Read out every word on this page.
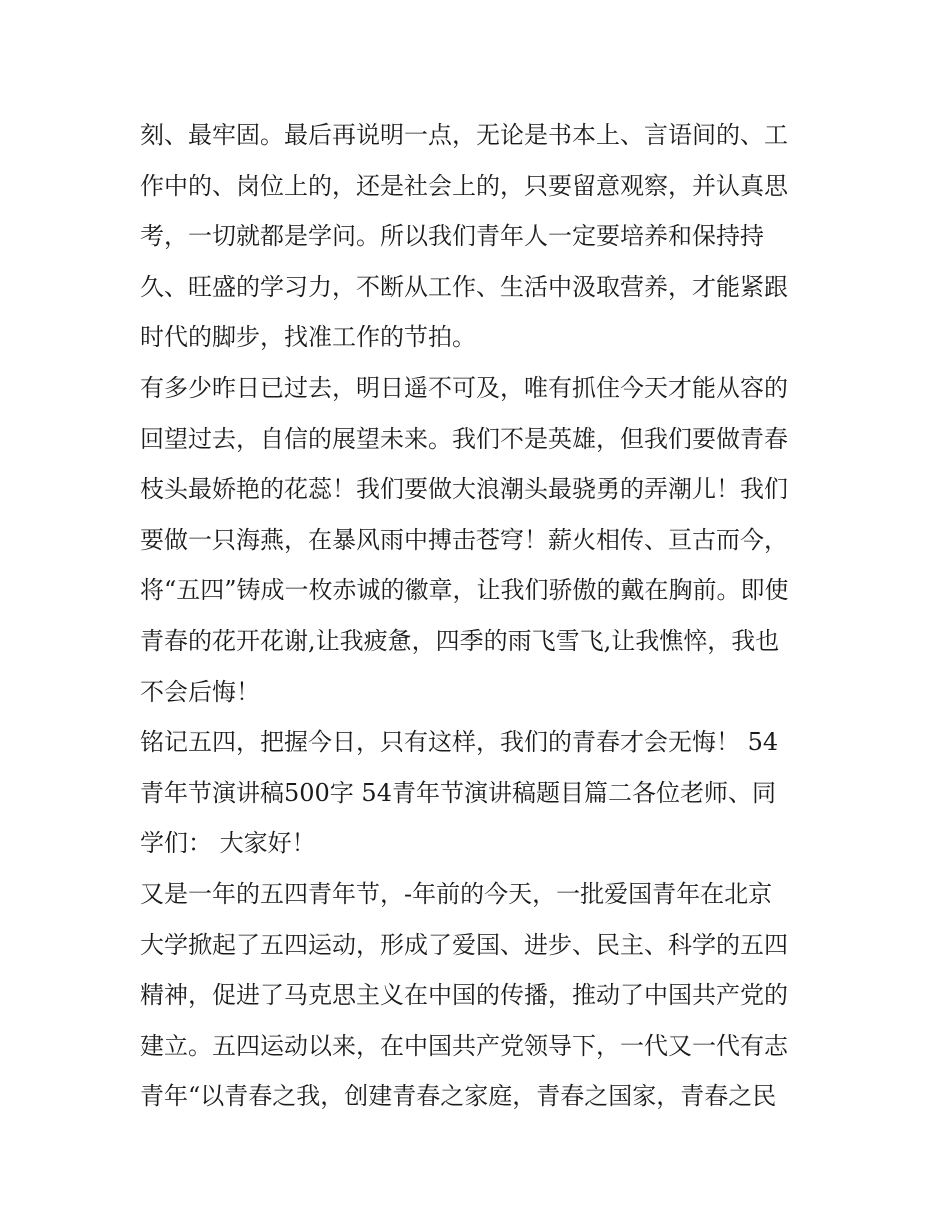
刻、最牢固。最后再说明一点，无论是书本上、言语间的、工
作中的、岗位上的，还是社会上的，只要留意观察，并认真思
考，一切就都是学问。所以我们青年人一定要培养和保持持
久、旺盛的学习力，不断从工作、生活中汲取营养，才能紧跟
时代的脚步，找准工作的节拍。
有多少昨日已过去，明日遥不可及，唯有抓住今天才能从容的
回望过去，自信的展望未来。我们不是英雄，但我们要做青春
枝头最娇艳的花蕊！我们要做大浪潮头最骁勇的弄潮儿！我们
要做一只海燕，在暴风雨中搏击苍穹！薪火相传、亘古而今，
将“五四”铸成一枚赤诚的徽章，让我们骄傲的戴在胸前。即使
青春的花开花谢,让我疲惫，四季的雨飞雪飞,让我憔悴，我也
不会后悔！
铭记五四，把握今日，只有这样，我们的青春才会无悔！ 54
青年节演讲稿500字 54青年节演讲稿题目篇二各位老师、同
学们： 大家好！
又是一年的五四青年节，-年前的今天，一批爱国青年在北京
大学掀起了五四运动，形成了爱国、进步、民主、科学的五四
精神，促进了马克思主义在中国的传播，推动了中国共产党的
建立。五四运动以来，在中国共产党领导下，一代又一代有志
青年“以青春之我，创建青春之家庭，青春之国家，青春之民
